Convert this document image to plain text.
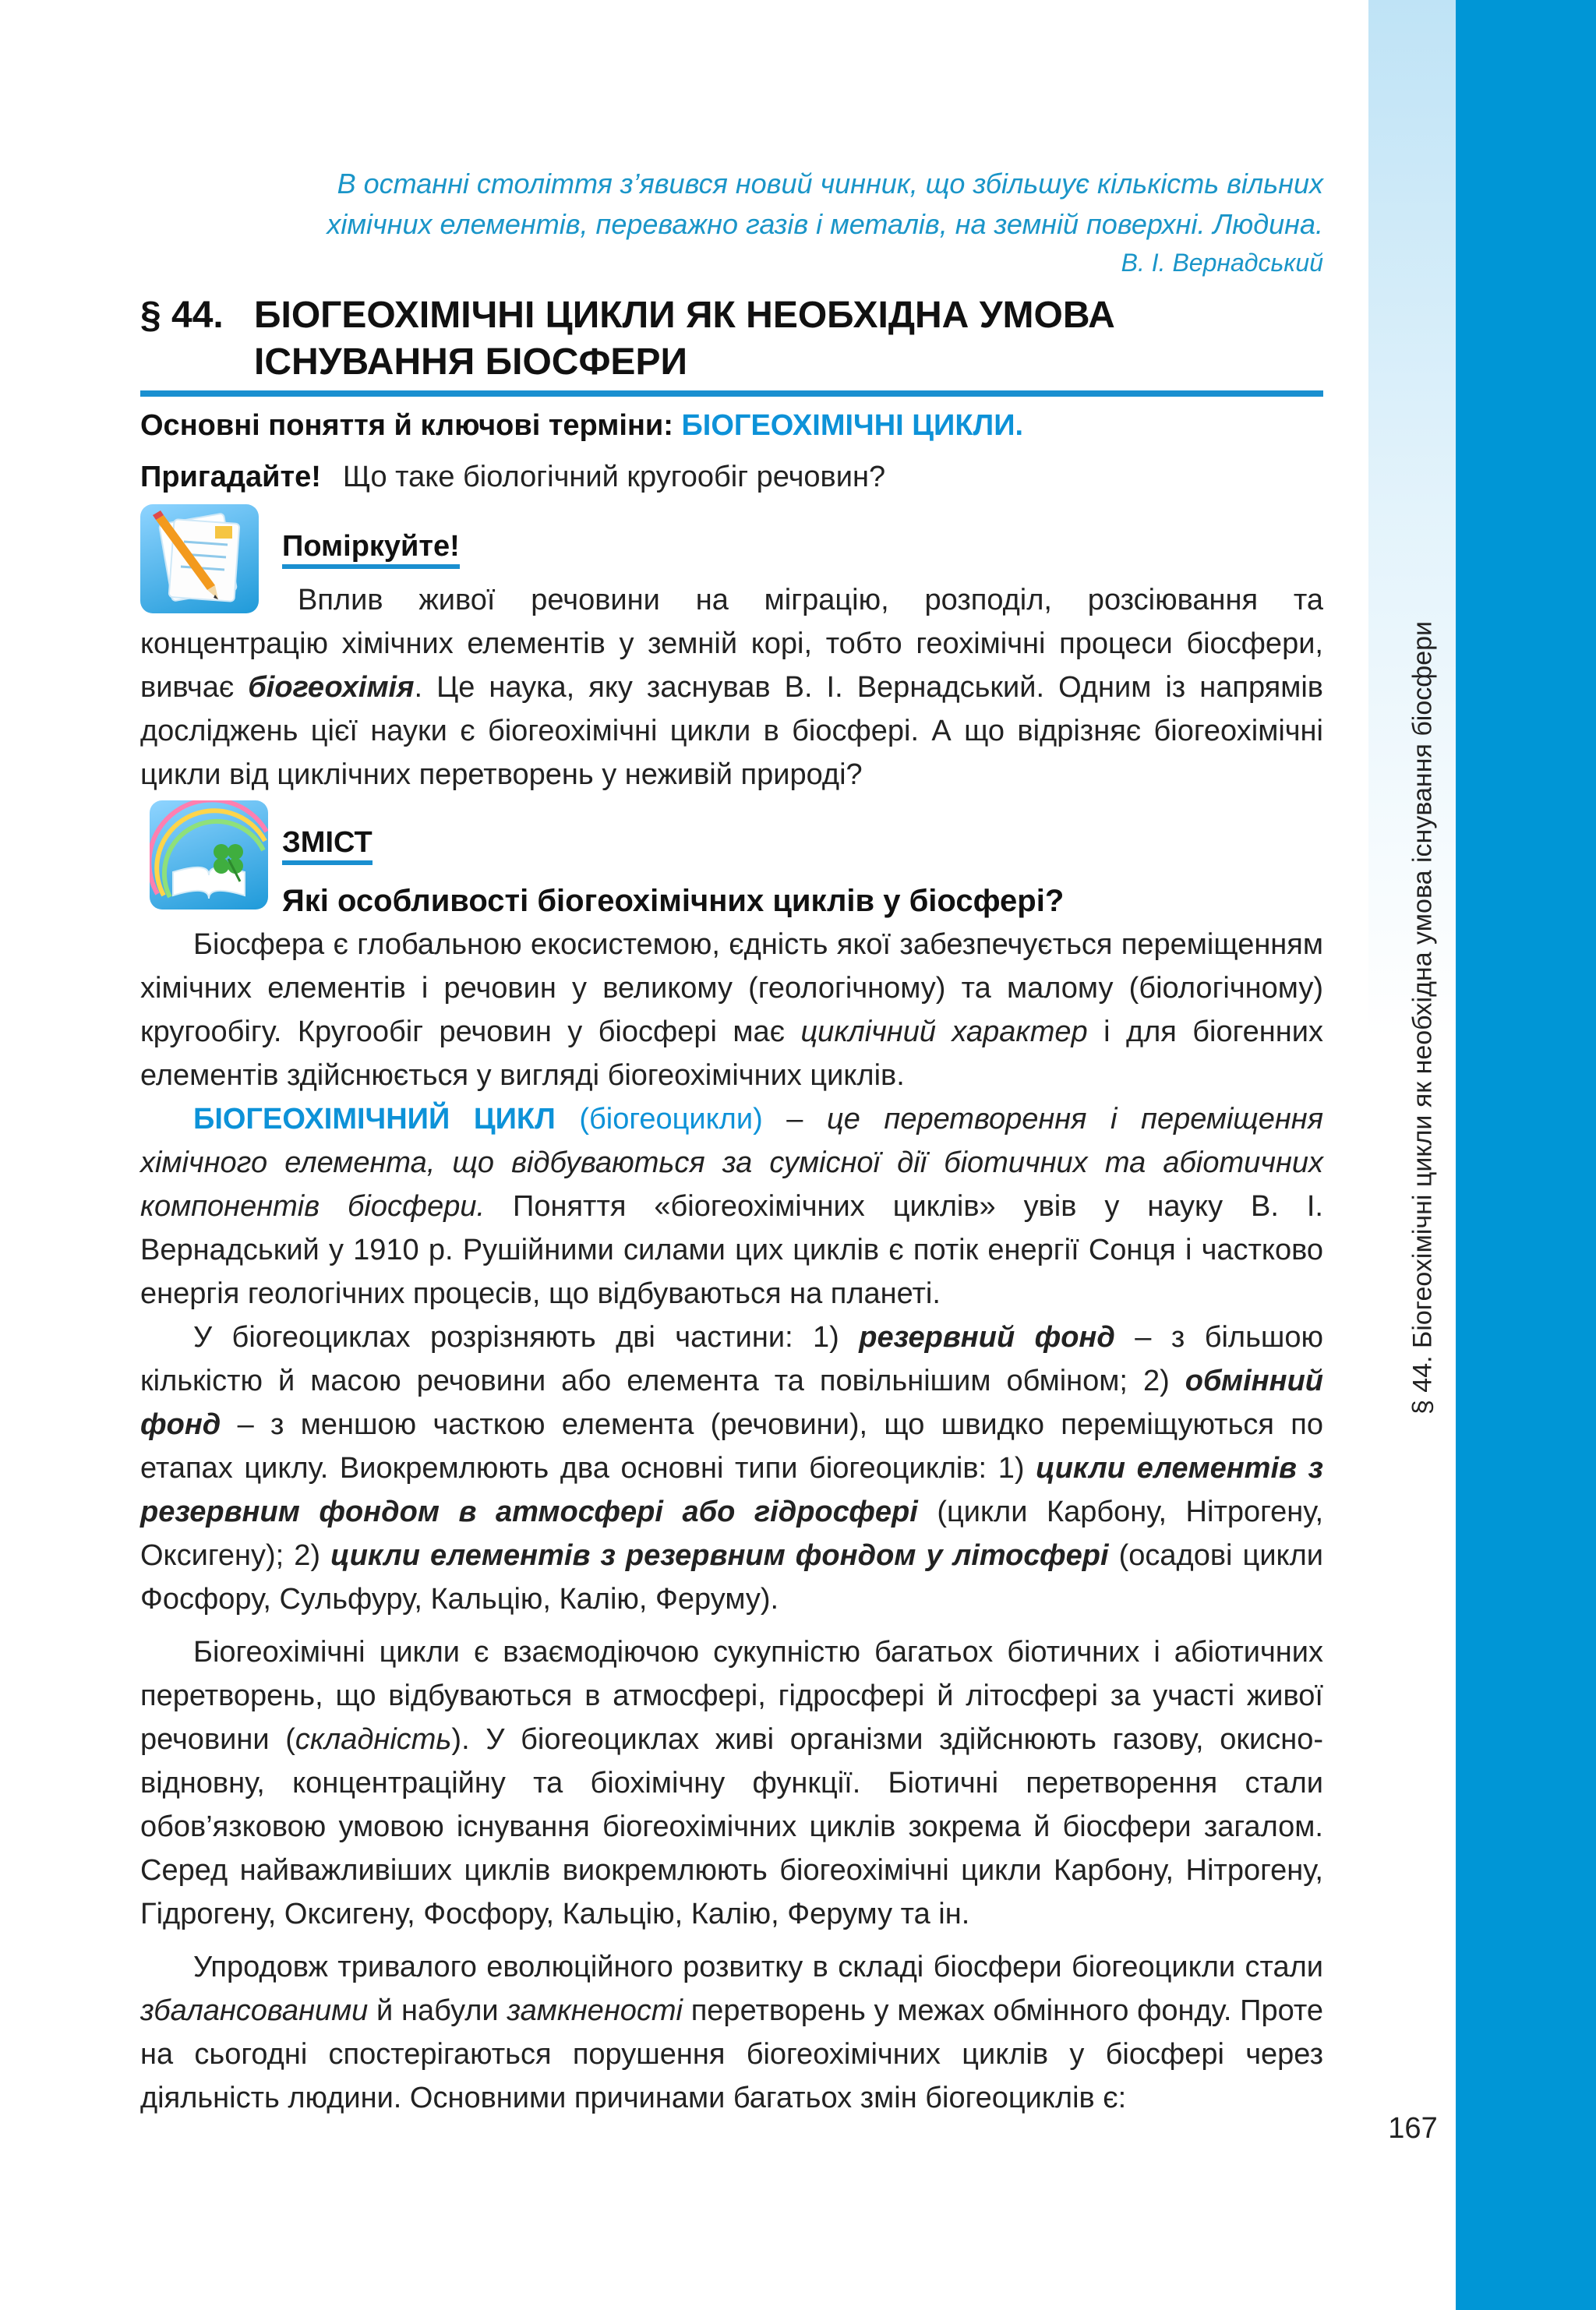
§ 44. Біогеохімічні цикли як необхідна умова існування біосфери
167
В останні століття з’явився новий чинник, що збільшує кількість вільних
хімічних елементів, переважно газів і металів, на земній поверхні. Людина.
В. І. Вернадський
§ 44. БІОГЕОХІМІЧНІ ЦИКЛИ ЯК НЕОБХІДНА УМОВА
ІСНУВАННЯ БІОСФЕРИ
Основні поняття й ключові терміни: БІОГЕОХІМІЧНІ ЦИКЛИ.
Пригадайте! Що таке біологічний кругообіг речовин?
Поміркуйте!

Вплив живої речовини на міграцію, розподіл, розсіювання та концентрацію хімічних елементів у земній корі, тобто геохімічні процеси біосфери, вивчає біогеохімія. Це наука, яку заснував В. І. Вернадський. Одним із напрямів досліджень цієї науки є біогеохімічні цикли в біосфері. А що відрізняє біогеохімічні цикли від циклічних перетворень у неживій природі?

ЗМІСТ
Які особливості біогеохімічних циклів у біосфері?

Біосфера є глобальною екосистемою, єдність якої забезпечується переміщенням хімічних елементів і речовин у великому (геологічному) та малому (біологічному) кругообігу. Кругообіг речовин у біосфері має циклічний характер і для біогенних елементів здійснюється у вигляді біогеохімічних циклів.

БІОГЕОХІМІЧНИЙ ЦИКЛ (біогеоцикли) – це перетворення і переміщення хімічного елемента, що відбуваються за сумісної дії біотичних та абіотичних компонентів біосфери. Поняття «біогеохімічних циклів» увів у науку В. І. Вернадський у 1910 р. Рушійними силами цих циклів є потік енергії Сонця і частково енергія геологічних процесів, що відбуваються на планеті.

У біогеоциклах розрізняють дві частини: 1) резервний фонд – з більшою кількістю й масою речовини або елемента та повільнішим обміном; 2) обмінний фонд – з меншою часткою елемента (речовини), що швидко переміщуються по етапах циклу. Виокремлюють два основні типи біогеоциклів: 1) цикли елементів з резервним фондом в атмосфері або гідросфері (цикли Карбону, Нітрогену, Оксигену); 2) цикли елементів з резервним фондом у літосфері (осадові цикли Фосфору, Сульфуру, Кальцію, Калію, Феруму).

Біогеохімічні цикли є взаємодіючою сукупністю багатьох біотичних і абіотичних перетворень, що відбуваються в атмосфері, гідросфері й літосфері за участі живої речовини (складність). У біогеоциклах живі організми здійснюють газову, окисно-відновну, концентраційну та біохімічну функції. Біотичні перетворення стали обов’язковою умовою існування біогеохімічних циклів зокрема й біосфери загалом. Серед найважливіших циклів виокремлюють біогеохімічні цикли Карбону, Нітрогену, Гідрогену, Оксигену, Фосфору, Кальцію, Калію, Феруму та ін.

Упродовж тривалого еволюційного розвитку в складі біосфери біогеоцикли стали збалансованими й набули замкненості перетворень у межах обмінного фонду. Проте на сьогодні спостерігаються порушення біогеохімічних циклів у біосфері через діяльність людини. Основними причинами багатьох змін біогеоциклів є:
